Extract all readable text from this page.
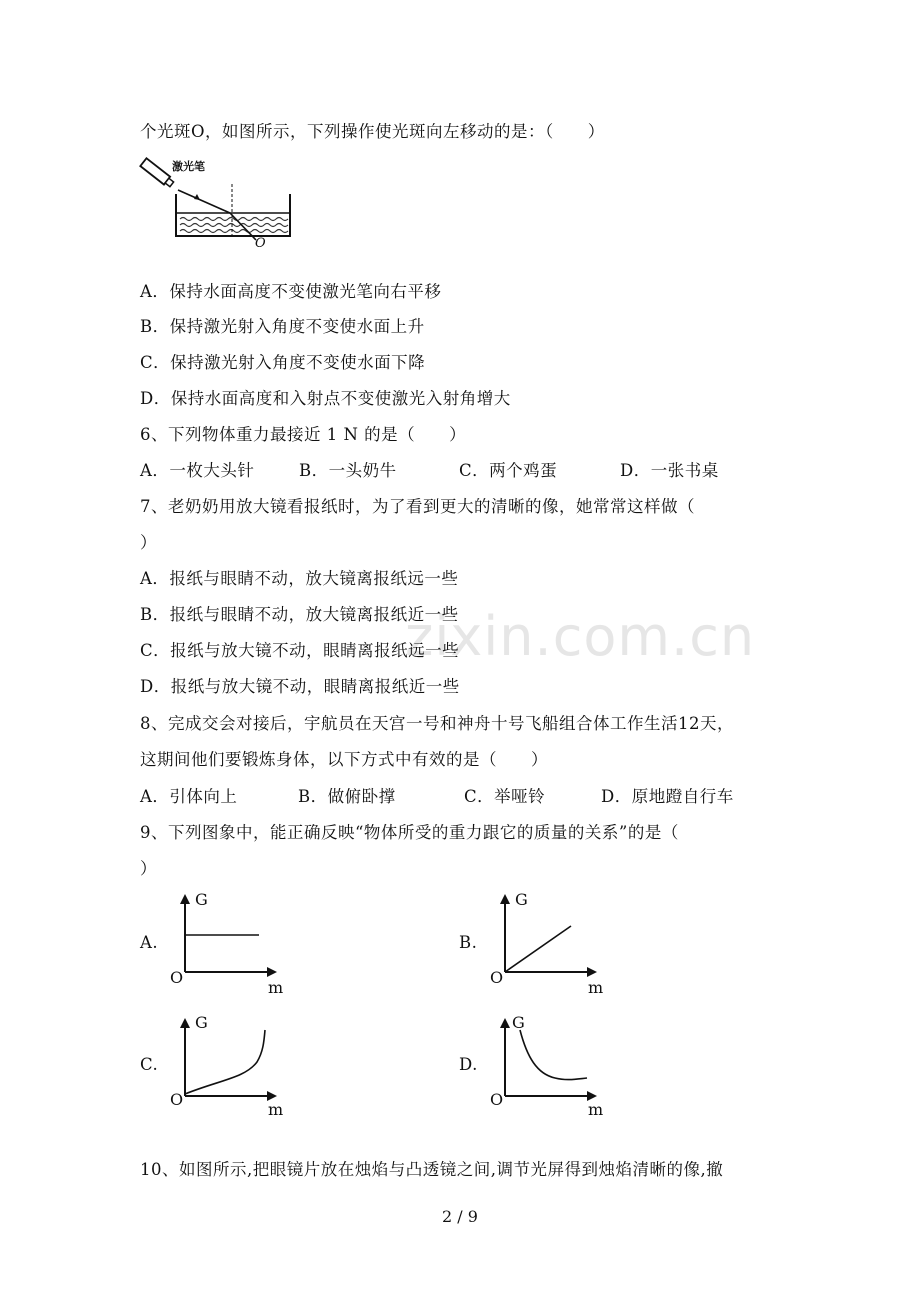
zixin.com.cn
个光斑O，如图所示，下列操作使光斑向左移动的是：（　　）
激光笔
O
A．保持水面高度不变使激光笔向右平移
B．保持激光射入角度不变使水面上升
C．保持激光射入角度不变使水面下降
D．保持水面高度和入射点不变使激光入射角增大
6、下列物体重力最接近 1 N 的是（　　）
A．一枚大头针	B．一头奶牛	C．两个鸡蛋	D．一张书桌
7、老奶奶用放大镜看报纸时，为了看到更大的清晰的像，她常常这样做（
）
A．报纸与眼睛不动，放大镜离报纸远一些
B．报纸与眼睛不动，放大镜离报纸近一些
C．报纸与放大镜不动，眼睛离报纸远一些
D．报纸与放大镜不动，眼睛离报纸近一些
8、完成交会对接后，宇航员在天宫一号和神舟十号飞船组合体工作生活12天，
这期间他们要锻炼身体，以下方式中有效的是（　　）
A．引体向上	B．做俯卧撑	C．举哑铃	D．原地蹬自行车
9、下列图象中，能正确反映“物体所受的重力跟它的质量的关系”的是（
）
A.
G
O
m
B.
G
O
m
C.
G
O
m
D.
G
O
m
10、如图所示,把眼镜片放在烛焰与凸透镜之间,调节光屏得到烛焰清晰的像,撤
2 / 9
